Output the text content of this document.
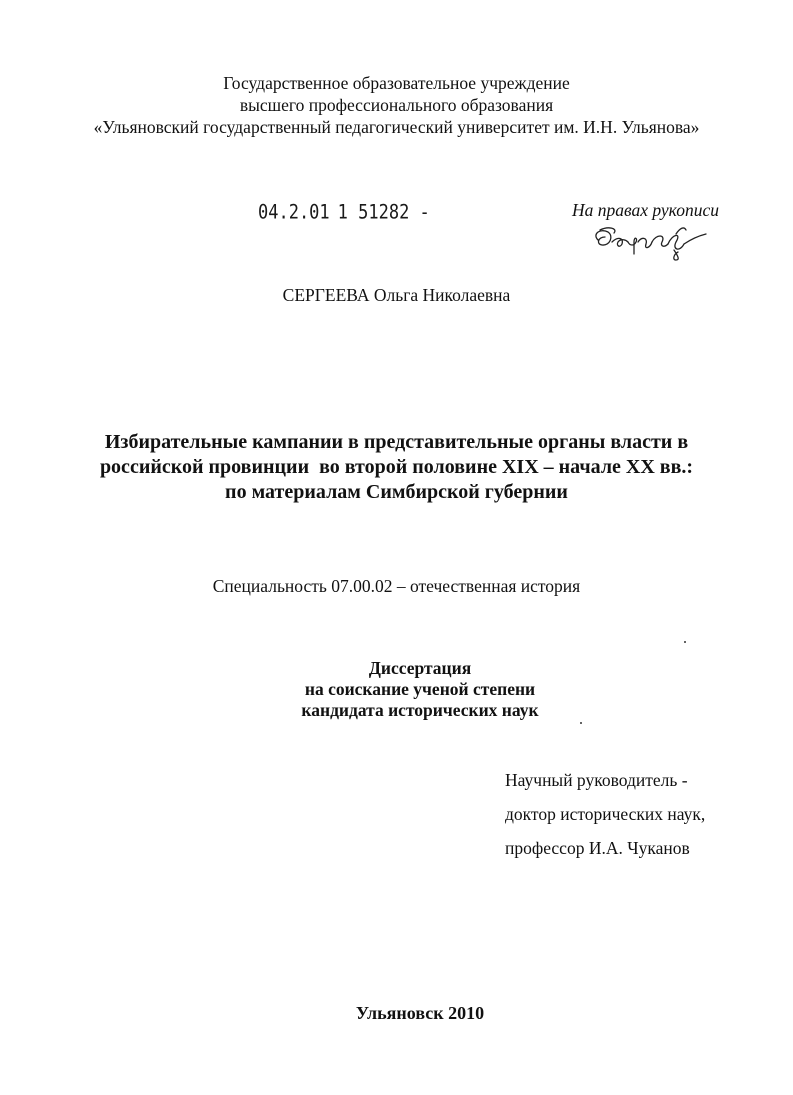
Государственное образовательное учреждение
высшего профессионального образования
«Ульяновский государственный педагогический университет им. И.Н. Ульянова»
04.2.01 1 51282 -	На правах рукописи
СЕРГЕЕВА Ольга Николаевна
Избирательные кампании в представительные органы власти в
российской провинции  во второй половине XIX – начале XX вв.:
по материалам Симбирской губернии
Специальность 07.00.02 – отечественная история
Диссертация
на соискание ученой степени
кандидата исторических наук
Научный руководитель -
доктор исторических наук,
профессор И.А. Чуканов
Ульяновск 2010
